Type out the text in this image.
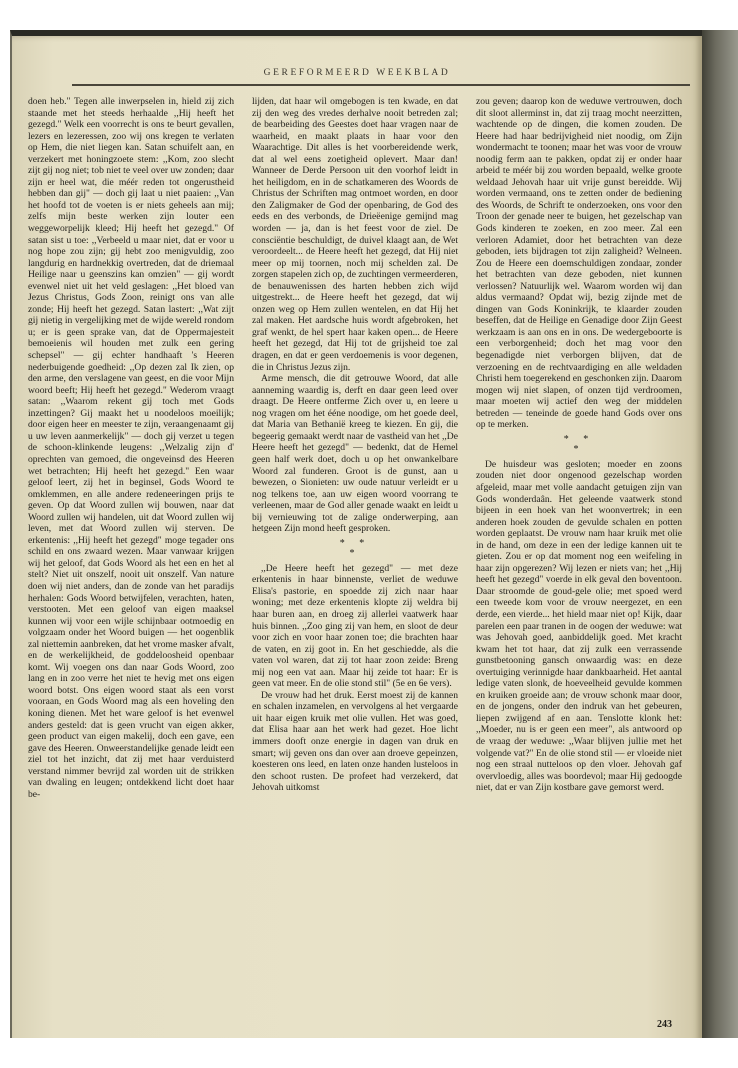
GEREFORMEERD WEEKBLAD

doen heb." Tegen alle inwerpselen in, hield zij zich staande met het steeds herhaalde ,,Hij heeft het gezegd." Welk een voorrecht is ons te beurt gevallen, lezers en lezeressen, zoo wij ons kregen te verlaten op Hem, die niet liegen kan. Satan schuifelt aan, en verzekert met honingzoete stem: ,,Kom, zoo slecht zijt gij nog niet; tob niet te veel over uw zonden; daar zijn er heel wat, die méér reden tot ongerustheid hebben dan gij" — doch gij laat u niet paaien: ,,Van het hoofd tot de voeten is er niets geheels aan mij; zelfs mijn beste werken zijn louter een weggeworpelijk kleed; Hij heeft het gezegd." Of satan sist u toe: ,,Verbeeld u maar niet, dat er voor u nog hope zou zijn; gij hebt zoo menigvuldig, zoo langdurig en hardnekkig overtreden, dat de driemaal Heilige naar u geenszins kan omzien" — gij wordt evenwel niet uit het veld geslagen: ,,Het bloed van Jezus Christus, Gods Zoon, reinigt ons van alle zonde; Hij heeft het gezegd. Satan lastert: ,,Wat zijt gij nietig in vergelijking met de wijde wereld rondom u; er is geen sprake van, dat de Oppermajesteit bemoeienis wil houden met zulk een gering schepsel" — gij echter handhaaft 's Heeren nederbuigende goedheid: ,,Op dezen zal Ik zien, op den arme, den verslagene van geest, en die voor Mijn woord beeft; Hij heeft het gezegd." Wederom vraagt satan: ,,Waarom rekent gij toch met Gods inzettingen? Gij maakt het u noodeloos moeilijk; door eigen heer en meester te zijn, veraangenaamt gij u uw leven aanmerkelijk" — doch gij verzet u tegen de schoon-klinkende leugens: ,,Welzalig zijn d' oprechten van gemoed, die ongeveinsd des Heeren wet betrachten; Hij heeft het gezegd." Een waar geloof leert, zij het in beginsel, Gods Woord te omklemmen, en alle andere redeneeringen prijs te geven. Op dat Woord zullen wij bouwen, naar dat Woord zullen wij handelen, uit dat Woord zullen wij leven, met dat Woord zullen wij sterven. De erkentenis: ,,Hij heeft het gezegd" moge tegader ons schild en ons zwaard wezen. Maar vanwaar krijgen wij het geloof, dat Gods Woord als het een en het al stelt? Niet uit onszelf, nooit uit onszelf. Van nature doen wij niet anders, dan de zonde van het paradijs herhalen: Gods Woord betwijfelen, verachten, haten, verstooten. Met een geloof van eigen maaksel kunnen wij voor een wijle schijnbaar ootmoedig en volgzaam onder het Woord buigen — het oogenblik zal niettemin aanbreken, dat het vrome masker afvalt, en de werkelijkheid, de goddeloosheid openbaar komt. Wij voegen ons dan naar Gods Woord, zoo lang en in zoo verre het niet te hevig met ons eigen woord botst. Ons eigen woord staat als een vorst vooraan, en Gods Woord mag als een hoveling den koning dienen. Met het ware geloof is het evenwel anders gesteld: dat is geen vrucht van eigen akker, geen product van eigen makelij, doch een gave, een gave des Heeren. Onweerstandelijke genade leidt een ziel tot het inzicht, dat zij met haar verduisterd verstand nimmer bevrijd zal worden uit de strikken van dwaling en leugen; ontdekkend licht doet haar be-

lijden, dat haar wil omgebogen is ten kwade, en dat zij den weg des vredes derhalve nooit betreden zal; de bearbeiding des Geestes doet haar vragen naar de waarheid, en maakt plaats in haar voor den Waarachtige. Dit alles is het voorbereidende werk, dat al wel eens zoetigheid oplevert. Maar dan! Wanneer de Derde Persoon uit den voorhof leidt in het heiligdom, en in de schatkameren des Woords de Christus der Schriften mag ontmoet worden, en door den Zaligmaker de God der openbaring, de God des eeds en des verbonds, de Drieëenige gemijnd mag worden — ja, dan is het feest voor de ziel. De consciëntie beschuldigt, de duivel klaagt aan, de Wet veroordeelt... de Heere heeft het gezegd, dat Hij niet meer op mij toornen, noch mij schelden zal. De zorgen stapelen zich op, de zuchtingen vermeerderen, de benauwenissen des harten hebben zich wijd uitgestrekt... de Heere heeft het gezegd, dat wij onzen weg op Hem zullen wentelen, en dat Hij het zal maken. Het aardsche huis wordt afgebroken, het graf wenkt, de hel spert haar kaken open... de Heere heeft het gezegd, dat Hij tot de grijsheid toe zal dragen, en dat er geen verdoemenis is voor degenen, die in Christus Jezus zijn.

Arme mensch, die dit getrouwe Woord, dat alle aanneming waardig is, derft en daar geen leed over draagt. De Heere ontferme Zich over u, en leere u nog vragen om het ééne noodige, om het goede deel, dat Maria van Bethanië kreeg te kiezen. En gij, die begeerig gemaakt werdt naar de vastheid van het ,,De Heere heeft het gezegd" — bedenkt, dat de Hemel geen half werk doet, doch u op het onwankelbare Woord zal funderen. Groot is de gunst, aan u bewezen, o Sionieten: uw oude natuur verleidt er u nog telkens toe, aan uw eigen woord voorrang te verleenen, maar de God aller genade waakt en leidt u bij vernieuwing tot de zalige onderwerping, aan hetgeen Zijn mond heeft gesproken.

* *
*

,,De Heere heeft het gezegd" — met deze erkentenis in haar binnenste, verliet de weduwe Elisa's pastorie, en spoedde zij zich naar haar woning; met deze erkentenis klopte zij weldra bij haar buren aan, en droeg zij allerlei vaatwerk haar huis binnen. ,,Zoo ging zij van hem, en sloot de deur voor zich en voor haar zonen toe; die brachten haar de vaten, en zij goot in. En het geschiedde, als die vaten vol waren, dat zij tot haar zoon zeide: Breng mij nog een vat aan. Maar hij zeide tot haar: Er is geen vat meer. En de olie stond stil" (5e en 6e vers).

De vrouw had het druk. Eerst moest zij de kannen en schalen inzamelen, en vervolgens al het vergaarde uit haar eigen kruik met olie vullen. Het was goed, dat Elisa haar aan het werk had gezet. Hoe licht immers dooft onze energie in dagen van druk en smart; wij geven ons dan over aan droeve gepeinzen, koesteren ons leed, en laten onze handen lusteloos in den schoot rusten. De profeet had verzekerd, dat Jehovah uitkomst

zou geven; daarop kon de weduwe vertrouwen, doch dit sloot allerminst in, dat zij traag mocht neerzitten, wachtende op de dingen, die komen zouden. De Heere had haar bedrijvigheid niet noodig, om Zijn wondermacht te toonen; maar het was voor de vrouw noodig ferm aan te pakken, opdat zij er onder haar arbeid te méér bij zou worden bepaald, welke groote weldaad Jehovah haar uit vrije gunst bereidde. Wij worden vermaand, ons te zetten onder de bediening des Woords, de Schrift te onderzoeken, ons voor den Troon der genade neer te buigen, het gezelschap van Gods kinderen te zoeken, en zoo meer. Zal een verloren Adamiet, door het betrachten van deze geboden, iets bijdragen tot zijn zaligheid? Welneen. Zou de Heere een doemschuldigen zondaar, zonder het betrachten van deze geboden, niet kunnen verlossen? Natuurlijk wel. Waarom worden wij dan aldus vermaand? Opdat wij, bezig zijnde met de dingen van Gods Koninkrijk, te klaarder zouden beseffen, dat de Heilige en Genadige door Zijn Geest werkzaam is aan ons en in ons. De wedergeboorte is een verborgenheid; doch het mag voor den begenadigde niet verborgen blijven, dat de verzoening en de rechtvaardiging en alle weldaden Christi hem toegerekend en geschonken zijn. Daarom mogen wij niet slapen, of onzen tijd verdroomen, maar moeten wij actief den weg der middelen betreden — teneinde de goede hand Gods over ons op te merken.

* *
*

De huisdeur was gesloten; moeder en zoons zouden niet door ongenood gezelschap worden afgeleid, maar met volle aandacht getuigen zijn van Gods wonderdaân. Het geleende vaatwerk stond bijeen in een hoek van het woonvertrek; in een anderen hoek zouden de gevulde schalen en potten worden geplaatst. De vrouw nam haar kruik met olie in de hand, om deze in een der ledige kannen uit te gieten. Zou er op dat moment nog een weifeling in haar zijn opgerezen? Wij lezen er niets van; het ,,Hij heeft het gezegd" voerde in elk geval den boventoon. Daar stroomde de goud-gele olie; met spoed werd een tweede kom voor de vrouw neergezet, en een derde, een vierde... het hield maar niet op! Kijk, daar parelen een paar tranen in de oogen der weduwe: wat was Jehovah goed, aanbiddelijk goed. Met kracht kwam het tot haar, dat zij zulk een verrassende gunstbetooning gansch onwaardig was: en deze overtuiging verinnigde haar dankbaarheid. Het aantal ledige vaten slonk, de hoeveelheid gevulde kommen en kruiken groeide aan; de vrouw schonk maar door, en de jongens, onder den indruk van het gebeuren, liepen zwijgend af en aan. Tenslotte klonk het: ,,Moeder, nu is er geen een meer", als antwoord op de vraag der weduwe: ,,Waar blijven jullie met het volgende vat?" En de olie stond stil — er vloeide niet nog een straal nutteloos op den vloer. Jehovah gaf overvloedig, alles was boordevol; maar Hij gedoogde niet, dat er van Zijn kostbare gave gemorst werd.

243
